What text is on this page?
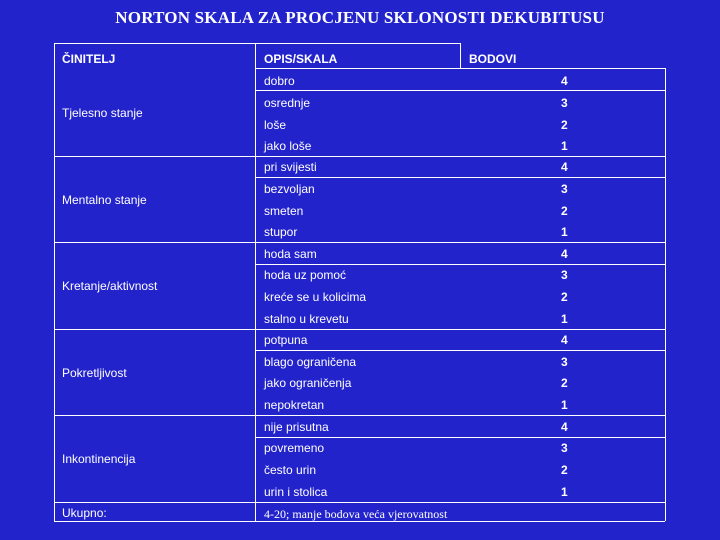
NORTON SKALA ZA PROCJENU SKLONOSTI DEKUBITUSU
ČINITELJ	OPIS/SKALA	BODOVI
Tjelesno stanje
dobro	4
osrednje	3
loše	2
jako loše	1
Mentalno stanje
pri svijesti	4
bezvoljan	3
smeten	2
stupor	1
Kretanje/aktivnost
hoda sam	4
hoda uz pomoć	3
kreće se u kolicima	2
stalno u krevetu	1
Pokretljivost
potpuna	4
blago ograničena	3
jako ograničenja	2
nepokretan	1
Inkontinencija
nije prisutna	4
povremeno	3
često urin	2
urin i stolica	1
Ukupno:	4-20; manje bodova veća vjerovatnost
